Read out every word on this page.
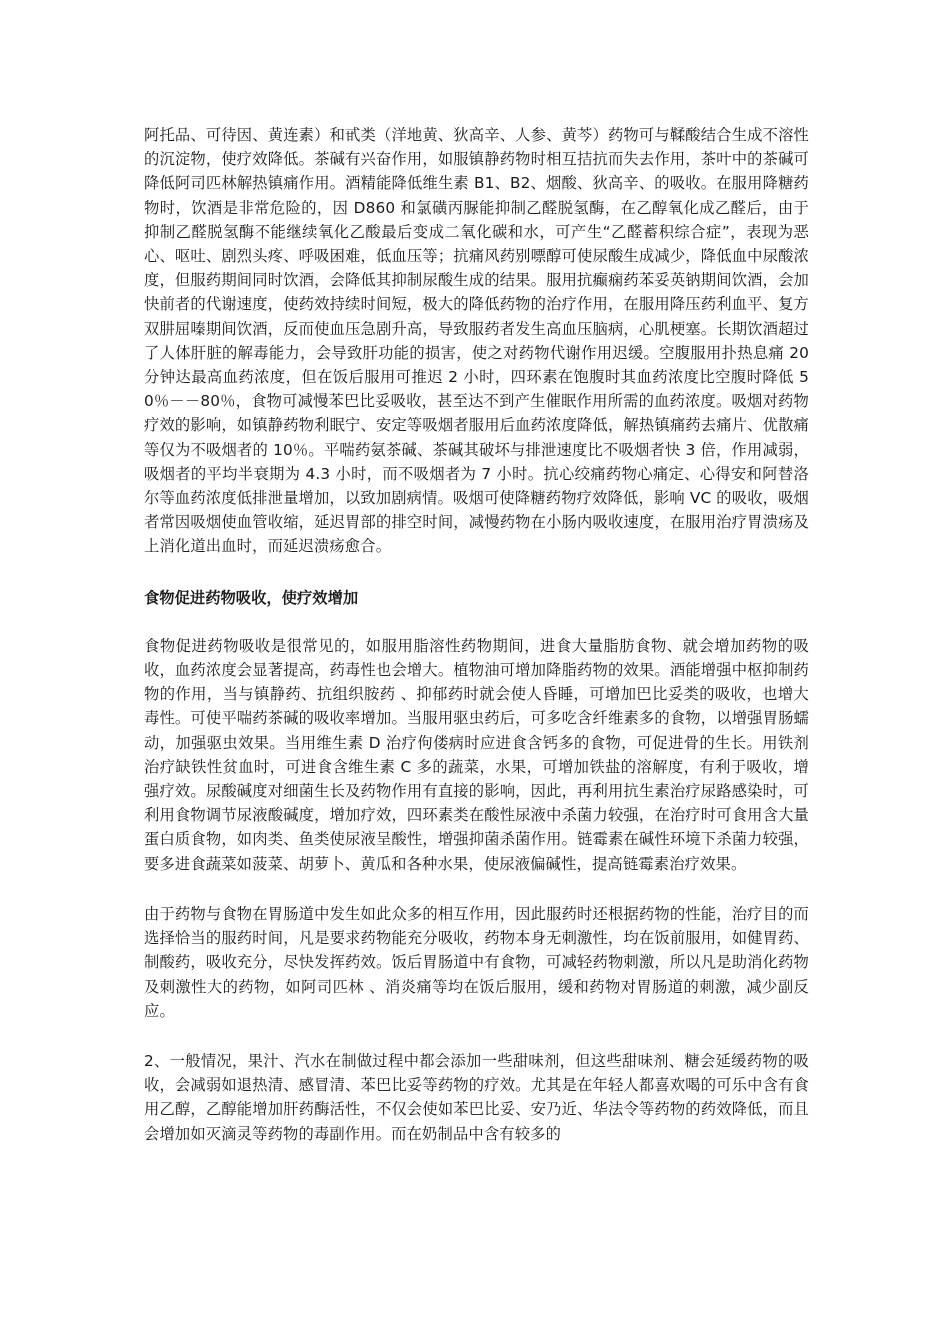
阿托品、可待因、黄连素）和甙类（洋地黄、狄高辛、人参、黄芩）药物可与鞣酸结合生成不溶性的沉淀物，使疗效降低。茶碱有兴奋作用，如服镇静药物时相互拮抗而失去作用，茶叶中的茶碱可降低阿司匹林解热镇痛作用。酒精能降低维生素 B1、B2、烟酸、狄高辛、的吸收。在服用降糖药物时，饮酒是非常危险的，因 D860 和氯磺丙脲能抑制乙醛脱氢酶，在乙醇氧化成乙醛后，由于抑制乙醛脱氢酶不能继续氧化乙酸最后变成二氧化碳和水，可产生“乙醛蓄积综合症”，表现为恶心、呕吐、剧烈头疼、呼吸困难，低血压等；抗痛风药别嘌醇可使尿酸生成减少，降低血中尿酸浓度，但服药期间同时饮酒，会降低其抑制尿酸生成的结果。服用抗癫痫药苯妥英钠期间饮酒，会加快前者的代谢速度，使药效持续时间短，极大的降低药物的治疗作用，在服用降压药利血平、复方双肼屈嗪期间饮酒，反而使血压急剧升高，导致服药者发生高血压脑病，心肌梗塞。长期饮酒超过了人体肝脏的解毒能力，会导致肝功能的损害，使之对药物代谢作用迟缓。空腹服用扑热息痛 20 分钟达最高血药浓度，但在饭后服用可推迟 2 小时，四环素在饱腹时其血药浓度比空腹时降低 50％－－80％，食物可减慢苯巴比妥吸收，甚至达不到产生催眠作用所需的血药浓度。吸烟对药物疗效的影响，如镇静药物利眠宁、安定等吸烟者服用后血药浓度降低，解热镇痛药去痛片、优散痛等仅为不吸烟者的 10％。平喘药氨茶碱、茶碱其破坏与排泄速度比不吸烟者快 3 倍，作用减弱，吸烟者的平均半衰期为 4.3 小时，而不吸烟者为 7 小时。抗心绞痛药物心痛定、心得安和阿替洛尔等血药浓度低排泄量增加，以致加剧病情。吸烟可使降糖药物疗效降低，影响 VC 的吸收，吸烟者常因吸烟使血管收缩，延迟胃部的排空时间，减慢药物在小肠内吸收速度，在服用治疗胃溃疡及上消化道出血时，而延迟溃疡愈合。

食物促进药物吸收，使疗效增加

食物促进药物吸收是很常见的，如服用脂溶性药物期间，进食大量脂肪食物、就会增加药物的吸收，血药浓度会显著提高，药毒性也会增大。植物油可增加降脂药物的效果。酒能增强中枢抑制药物的作用，当与镇静药、抗组织胺药 、抑郁药时就会使人昏睡，可增加巴比妥类的吸收，也增大毒性。可使平喘药茶碱的吸收率增加。当服用驱虫药后，可多吃含纤维素多的食物，以增强胃肠蠕动，加强驱虫效果。当用维生素 D 治疗佝偻病时应进食含钙多的食物，可促进骨的生长。用铁剂治疗缺铁性贫血时，可进食含维生素 C 多的蔬菜，水果，可增加铁盐的溶解度，有利于吸收，增强疗效。尿酸碱度对细菌生长及药物作用有直接的影响，因此，再利用抗生素治疗尿路感染时，可利用食物调节尿液酸碱度，增加疗效，四环素类在酸性尿液中杀菌力较强，在治疗时可食用含大量蛋白质食物，如肉类、鱼类使尿液呈酸性，增强抑菌杀菌作用。链霉素在碱性环境下杀菌力较强，要多进食蔬菜如菠菜、胡萝卜、黄瓜和各种水果，使尿液偏碱性，提高链霉素治疗效果。

由于药物与食物在胃肠道中发生如此众多的相互作用，因此服药时还根据药物的性能，治疗目的而选择恰当的服药时间，凡是要求药物能充分吸收，药物本身无刺激性，均在饭前服用，如健胃药、制酸药，吸收充分，尽快发挥药效。饭后胃肠道中有食物，可减轻药物刺激，所以凡是助消化药物及刺激性大的药物，如阿司匹林 、消炎痛等均在饭后服用，缓和药物对胃肠道的刺激，减少副反应。

2、一般情况，果汁、汽水在制做过程中都会添加一些甜味剂，但这些甜味剂、糖会延缓药物的吸收，会减弱如退热清、感冒清、苯巴比妥等药物的疗效。尤其是在年轻人都喜欢喝的可乐中含有食用乙醇，乙醇能增加肝药酶活性，不仅会使如苯巴比妥、安乃近、华法令等药物的药效降低，而且会增加如灭滴灵等药物的毒副作用。而在奶制品中含有较多的
